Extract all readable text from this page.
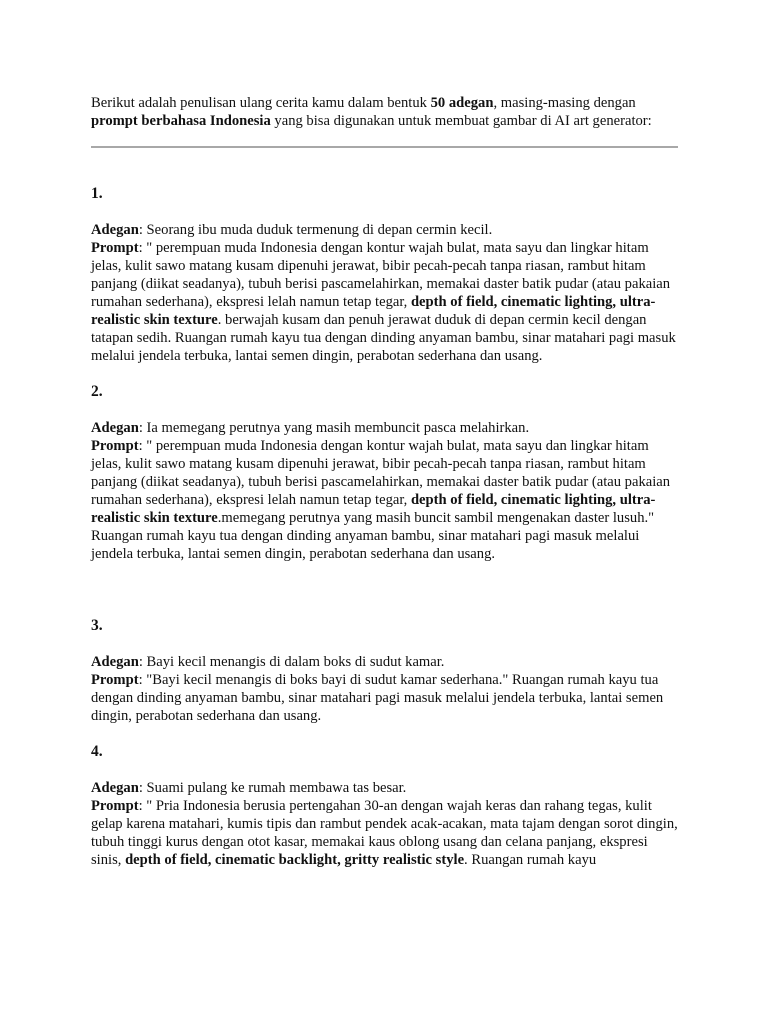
Berikut adalah penulisan ulang cerita kamu dalam bentuk 50 adegan, masing-masing dengan prompt berbahasa Indonesia yang bisa digunakan untuk membuat gambar di AI art generator:

1.

Adegan: Seorang ibu muda duduk termenung di depan cermin kecil.

Prompt: " perempuan muda Indonesia dengan kontur wajah bulat, mata sayu dan lingkar hitam jelas, kulit sawo matang kusam dipenuhi jerawat, bibir pecah-pecah tanpa riasan, rambut hitam panjang (diikat seadanya), tubuh berisi pascamelahirkan, memakai daster batik pudar (atau pakaian rumahan sederhana), ekspresi lelah namun tetap tegar, depth of field, cinematic lighting, ultra-realistic skin texture. berwajah kusam dan penuh jerawat duduk di depan cermin kecil dengan tatapan sedih. Ruangan rumah kayu tua dengan dinding anyaman bambu, sinar matahari pagi masuk melalui jendela terbuka, lantai semen dingin, perabotan sederhana dan usang.

2.

Adegan: Ia memegang perutnya yang masih membuncit pasca melahirkan.

Prompt: " perempuan muda Indonesia dengan kontur wajah bulat, mata sayu dan lingkar hitam jelas, kulit sawo matang kusam dipenuhi jerawat, bibir pecah-pecah tanpa riasan, rambut hitam panjang (diikat seadanya), tubuh berisi pascamelahirkan, memakai daster batik pudar (atau pakaian rumahan sederhana), ekspresi lelah namun tetap tegar, depth of field, cinematic lighting, ultra-realistic skin texture.memegang perutnya yang masih buncit sambil mengenakan daster lusuh." Ruangan rumah kayu tua dengan dinding anyaman bambu, sinar matahari pagi masuk melalui jendela terbuka, lantai semen dingin, perabotan sederhana dan usang.

3.

Adegan: Bayi kecil menangis di dalam boks di sudut kamar.

Prompt: "Bayi kecil menangis di boks bayi di sudut kamar sederhana." Ruangan rumah kayu tua dengan dinding anyaman bambu, sinar matahari pagi masuk melalui jendela terbuka, lantai semen dingin, perabotan sederhana dan usang.

4.

Adegan: Suami pulang ke rumah membawa tas besar.

Prompt: " Pria Indonesia berusia pertengahan 30-an dengan wajah keras dan rahang tegas, kulit gelap karena matahari, kumis tipis dan rambut pendek acak-acakan, mata tajam dengan sorot dingin, tubuh tinggi kurus dengan otot kasar, memakai kaus oblong usang dan celana panjang, ekspresi sinis, depth of field, cinematic backlight, gritty realistic style. Ruangan rumah kayu
